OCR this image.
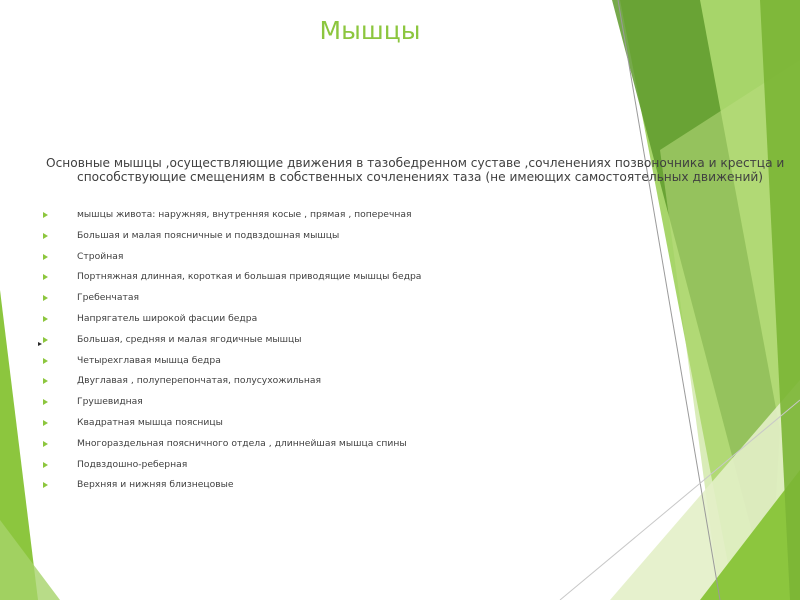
Мышцы
Основные мышцы ,осуществляющие движения в тазобедренном суставе ,сочленениях позвоночника и крестца и способствующие смещениям в собственных сочленениях таза (не имеющих самостоятельных движений)
мышцы живота: наружняя, внутренняя косые , прямая , поперечная
Большая и малая поясничные и подвздошная мышцы
Стройная
Портняжная длинная, короткая и большая приводящие мышцы бедра
Гребенчатая
Напрягатель широкой фасции бедра
Большая, средняя и малая ягодичные мышцы
Четырехглавая мышца бедра
Двуглавая , полуперепончатая, полусухожильная
Грушевидная
Квадратная мышца поясницы
Многораздельная поясничного отдела , длиннейшая мышца спины
Подвздошно-реберная
Верхняя и нижняя близнецовые
